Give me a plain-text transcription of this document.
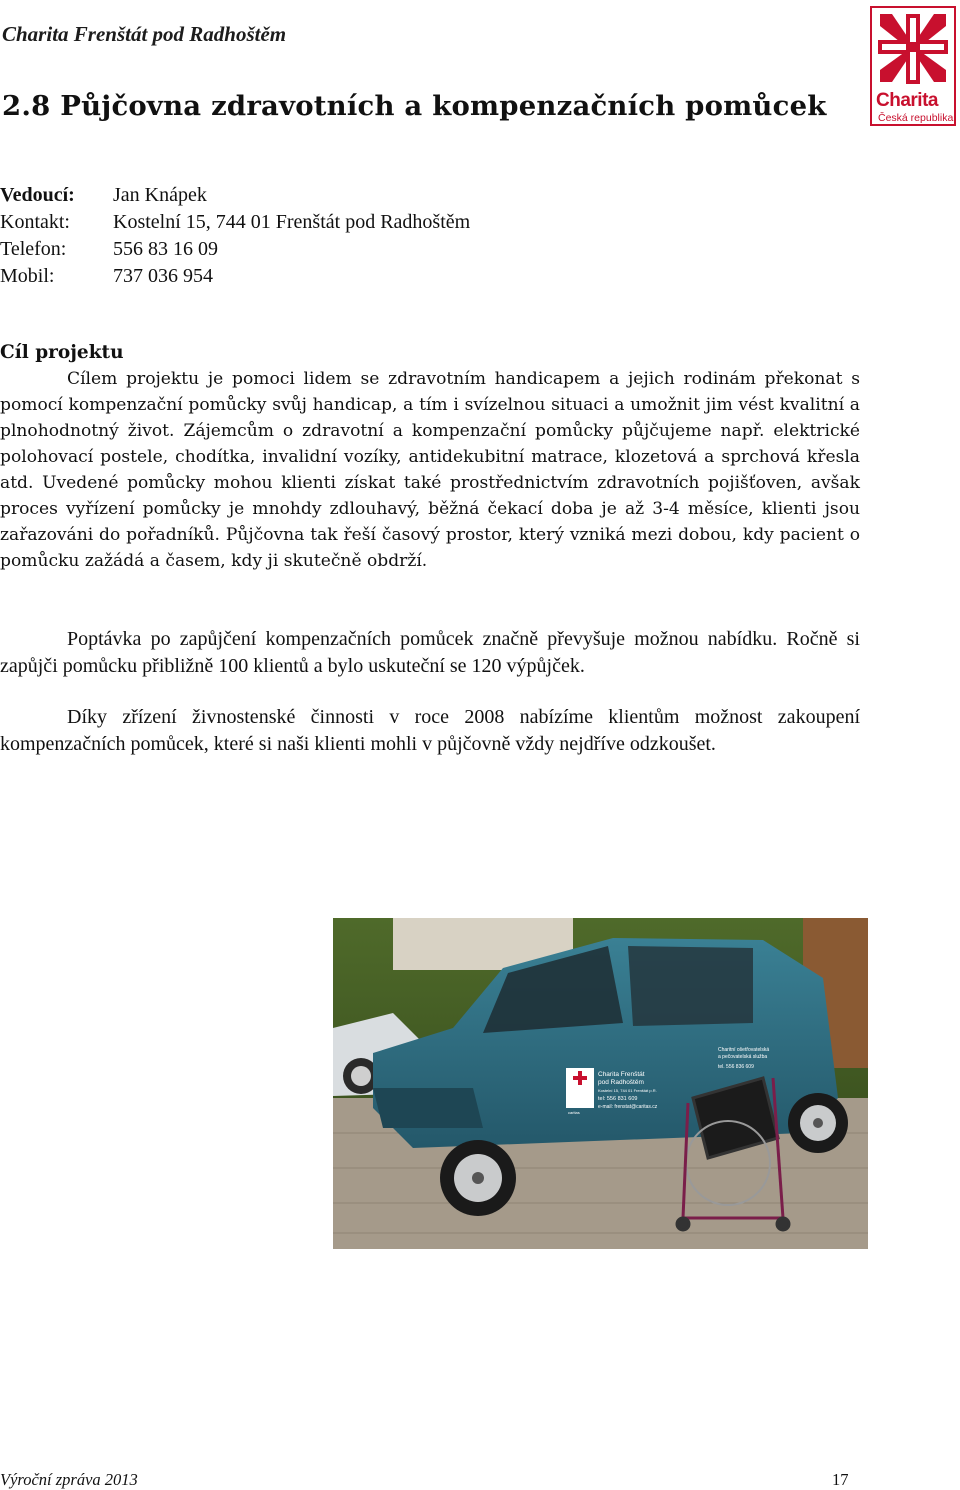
Charita Frenštát pod Radhoštěm
Charita
Česká republika
2.8 Půjčovna zdravotních a kompenzačních pomůcek
Vedoucí: Jan Knápek
Kontakt: Kostelní 15, 744 01 Frenštát pod Radhoštěm
Telefon: 556 83 16 09
Mobil:	737 036 954
Cíl projektu
Cílem projektu je pomoci lidem se zdravotním handicapem a jejich rodinám překonat s pomocí kompenzační pomůcky svůj handicap, a tím i svízelnou situaci a umožnit jim vést kvalitní a plnohodnotný život. Zájemcům o zdravotní a kompenzační pomůcky půjčujeme např. elektrické polohovací postele, chodítka, invalidní vozíky, antidekubitní matrace, klozetová a sprchová křesla atd. Uvedené pomůcky mohou klienti získat také prostřednictvím zdravotních pojišťoven, avšak proces vyřízení pomůcky je mnohdy zdlouhavý, běžná čekací doba je až 3-4 měsíce, klienti jsou zařazováni do pořadníků. Půjčovna tak řeší časový prostor, který vzniká mezi dobou, kdy pacient o pomůcku zažádá a časem, kdy ji skutečně obdrží.
Poptávka po zapůjčení kompenzačních pomůcek značně převyšuje možnou nabídku. Ročně si zapůjči pomůcku přibližně 100 klientů a bylo uskuteční se 120 výpůjček.
Díky zřízení živnostenské činnosti v roce 2008 nabízíme klientům možnost zakoupení kompenzačních pomůcek, které si naši klienti mohli v půjčovně vždy nejdříve odzkoušet.
Charita Frenštát
pod Radhoštěm
Kostelní 15, 744 01 Frenštát p.R.
tel: 556 831 609
e-mail: frenstat@caritas.cz
caritas
Charitní ošetřovatelská
a pečovatelská služba
tel. 556 836 609
Výroční zpráva 2013	17
